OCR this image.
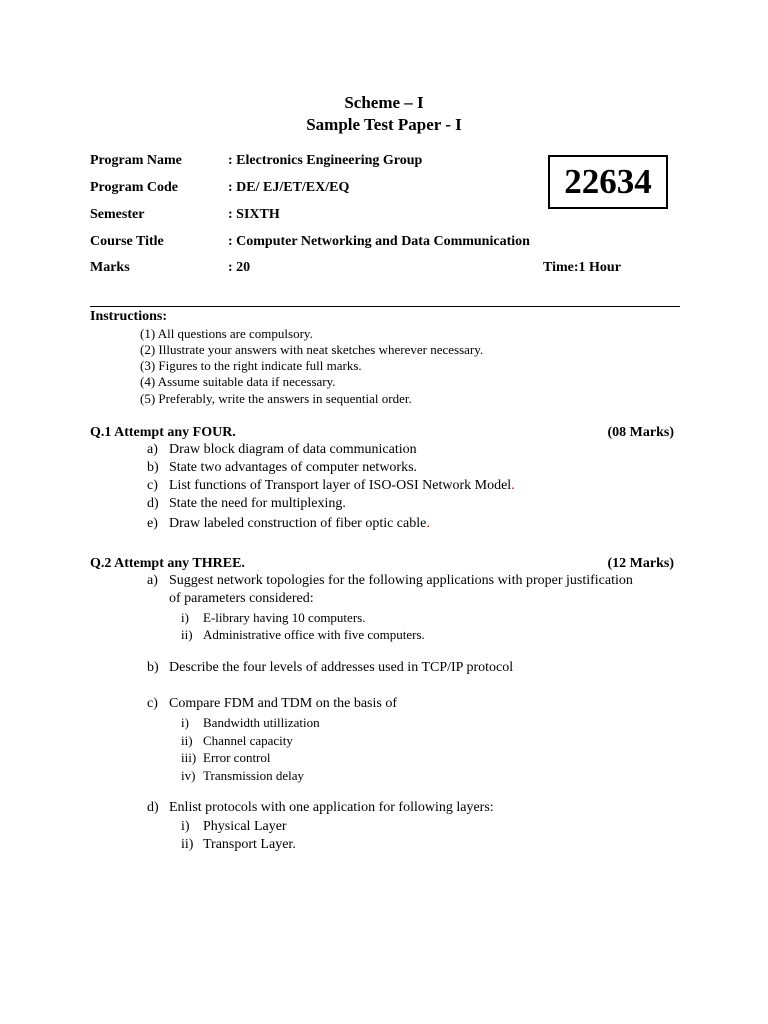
Scheme – I
Sample Test Paper - I
Program Name	: Electronics Engineering Group
Program Code	: DE/ EJ/ET/EX/EQ
Semester	: SIXTH
Course Title	: Computer Networking and Data Communication
Marks	: 20	Time:1 Hour
22634
Instructions:
(1) All questions are compulsory.
(2) Illustrate your answers with neat sketches wherever necessary.
(3) Figures to the right indicate full marks.
(4) Assume suitable data if necessary.
(5) Preferably, write the answers in sequential order.
Q.1 Attempt any FOUR.	(08 Marks)
a) Draw block diagram of data communication
b) State two advantages of computer networks.
c) List functions of Transport layer of ISO-OSI Network Model.
d) State the need for multiplexing.
e) Draw labeled construction of fiber optic cable.
Q.2 Attempt any THREE.	(12 Marks)
a) Suggest network topologies for the following applications with proper justification
of parameters considered:
i) E-library having 10 computers.
ii) Administrative office with five computers.
b) Describe the four levels of addresses used in TCP/IP protocol
c) Compare FDM and TDM on the basis of
i) Bandwidth utillization
ii) Channel capacity
iii) Error control
iv) Transmission delay
d) Enlist protocols with one application for following layers:
i) Physical Layer
ii) Transport Layer.
